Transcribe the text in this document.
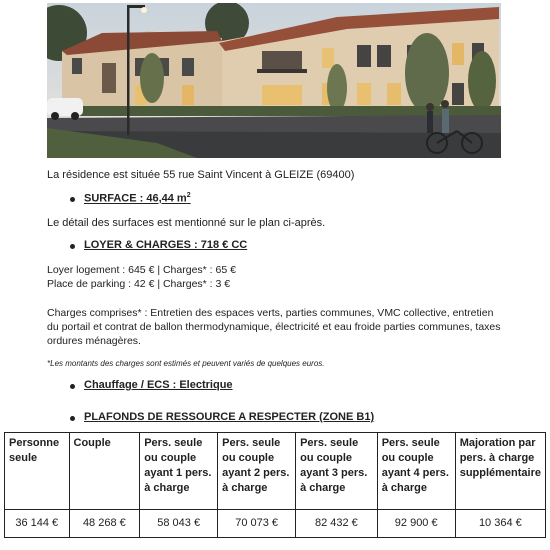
La résidence est située 55 rue Saint Vincent à GLEIZE (69400)
SURFACE : 46,44 $m^2$
Le détail des surfaces est mentionné sur le plan ci-après.
LOYER & CHARGES : 718 € CC
Loyer logement : 645 € | Charges* : 65 €
Place de parking : 42 € | Charges* : 3 €
Charges comprises* : Entretien des espaces verts, parties communes, VMC collective, entretien du portail et contrat de ballon thermodynamique, électricité et eau froide parties communes, taxes ordures ménagères.
*Les montants des charges sont estimés et peuvent variés de quelques euros.
Chauffage / ECS : Electrique
PLAFONDS DE RESSOURCE A RESPECTER (ZONE B1)
Personne seule	Couple	Pers. seule ou couple ayant 1 pers. à charge	Pers. seule ou couple ayant 2 pers. à charge	Pers. seule ou couple ayant 3 pers. à charge	Pers. seule ou couple ayant 4 pers. à charge	Majoration par pers. à charge supplémentaire
36 144 €	48 268 €	58 043 €	70 073 €	82 432 €	92 900 €	10 364 €
